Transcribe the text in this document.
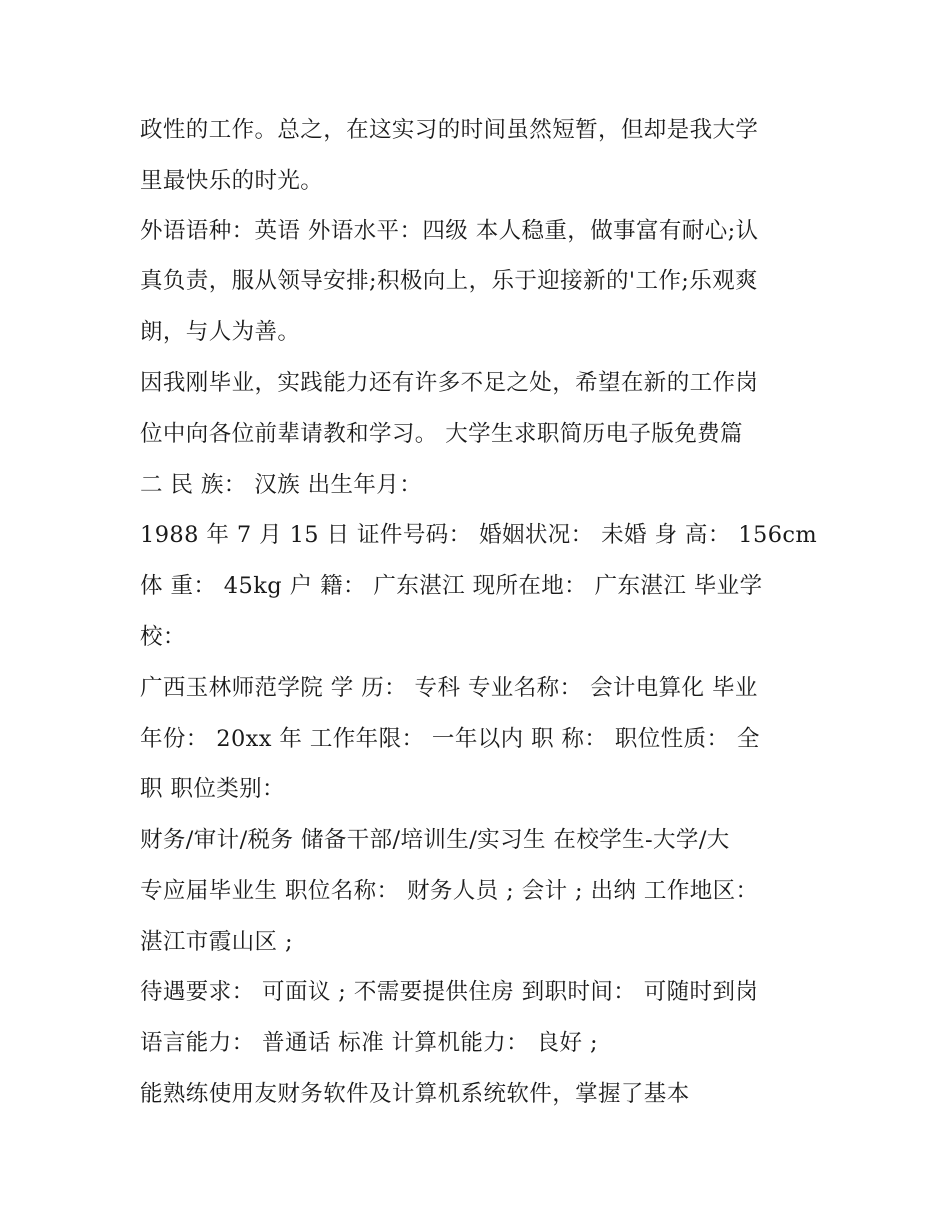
政性的工作。总之，在这实习的时间虽然短暂，但却是我大学
里最快乐的时光。
外语语种：英语 外语水平：四级 本人稳重，做事富有耐心;认
真负责，服从领导安排;积极向上，乐于迎接新的'工作;乐观爽
朗，与人为善。
因我刚毕业，实践能力还有许多不足之处，希望在新的工作岗
位中向各位前辈请教和学习。 大学生求职简历电子版免费篇
二 民 族： 汉族 出生年月：
1988 年 7 月 15 日 证件号码： 婚姻状况： 未婚 身 高： 156cm
体 重： 45kg 户 籍： 广东湛江 现所在地： 广东湛江 毕业学
校：
广西玉林师范学院 学 历： 专科 专业名称： 会计电算化 毕业
年份： 20xx 年 工作年限： 一年以内 职 称： 职位性质： 全
职 职位类别：
财务/审计/税务 储备干部/培训生/实习生 在校学生-大学/大
专应届毕业生 职位名称： 财务人员 ; 会计 ; 出纳 工作地区：
湛江市霞山区 ;
待遇要求： 可面议 ; 不需要提供住房 到职时间： 可随时到岗
语言能力： 普通话 标准 计算机能力： 良好 ;
能熟练使用友财务软件及计算机系统软件，掌握了基本
